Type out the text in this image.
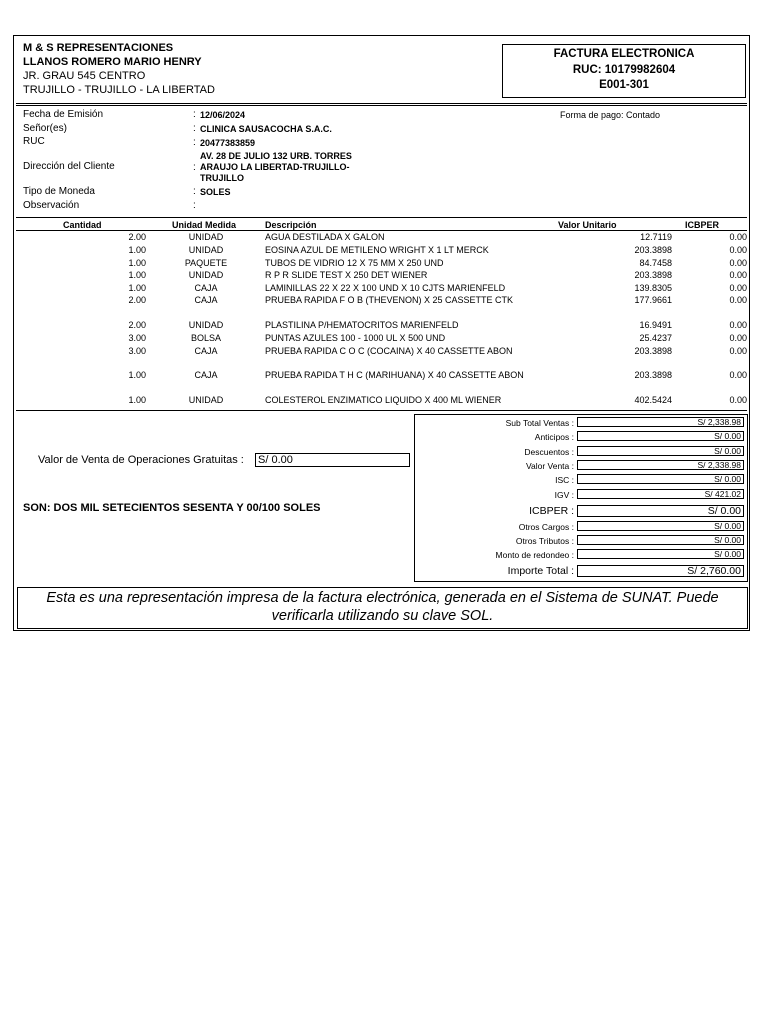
M & S REPRESENTACIONES
LLANOS ROMERO MARIO HENRY
JR. GRAU 545 CENTRO
TRUJILLO - TRUJILLO - LA LIBERTAD
FACTURA ELECTRONICA
RUC: 10179982604
E001-301
Fecha de Emisión	: 12/06/2024	Forma de pago: Contado
Señor(es)	: CLINICA SAUSACOCHA S.A.C.
RUC	: 20477383859
AV. 28 DE JULIO 132 URB. TORRES
Dirección del Cliente	: ARAUJO LA LIBERTAD-TRUJILLO-
TRUJILLO
Tipo de Moneda	: SOLES
Observación	:
Cantidad	Unidad Medida	Descripción	Valor Unitario	ICBPER
2.00	UNIDAD	AGUA DESTILADA X GALON	12.7119	0.00
1.00	UNIDAD	EOSINA AZUL DE METILENO WRIGHT X 1 LT MERCK	203.3898	0.00
1.00	PAQUETE	TUBOS DE VIDRIO 12 X 75 MM X 250 UND	84.7458	0.00
1.00	UNIDAD	R P R SLIDE TEST X 250 DET WIENER	203.3898	0.00
1.00	CAJA	LAMINILLAS 22 X 22 X 100 UND X 10 CJTS MARIENFELD	139.8305	0.00
2.00	CAJA	PRUEBA RAPIDA F O B (THEVENON) X 25 CASSETTE CTK	177.9661	0.00
2.00	UNIDAD	PLASTILINA P/HEMATOCRITOS MARIENFELD	16.9491	0.00
3.00	BOLSA	PUNTAS AZULES 100 - 1000 UL X 500 UND	25.4237	0.00
3.00	CAJA	PRUEBA RAPIDA C O C (COCAINA) X 40 CASSETTE ABON	203.3898	0.00
1.00	CAJA	PRUEBA RAPIDA T H C (MARIHUANA) X 40 CASSETTE ABON	203.3898	0.00
1.00	UNIDAD	COLESTEROL ENZIMATICO LIQUIDO X 400 ML WIENER	402.5424	0.00
Sub Total Ventas :	S/ 2,338.98
Anticipos :	S/ 0.00
Descuentos :	S/ 0.00
Valor Venta :	S/ 2,338.98
ISC :	S/ 0.00
IGV :	S/ 421.02
ICBPER :	S/ 0.00
Otros Cargos :	S/ 0.00
Otros Tributos :	S/ 0.00
Monto de redondeo :	S/ 0.00
Importe Total :	S/ 2,760.00
Valor de Venta de Operaciones Gratuitas : S/ 0.00
SON: DOS MIL SETECIENTOS SESENTA Y 00/100 SOLES
Esta es una representación impresa de la factura electrónica, generada en el Sistema de SUNAT. Puede
verificarla utilizando su clave SOL.
